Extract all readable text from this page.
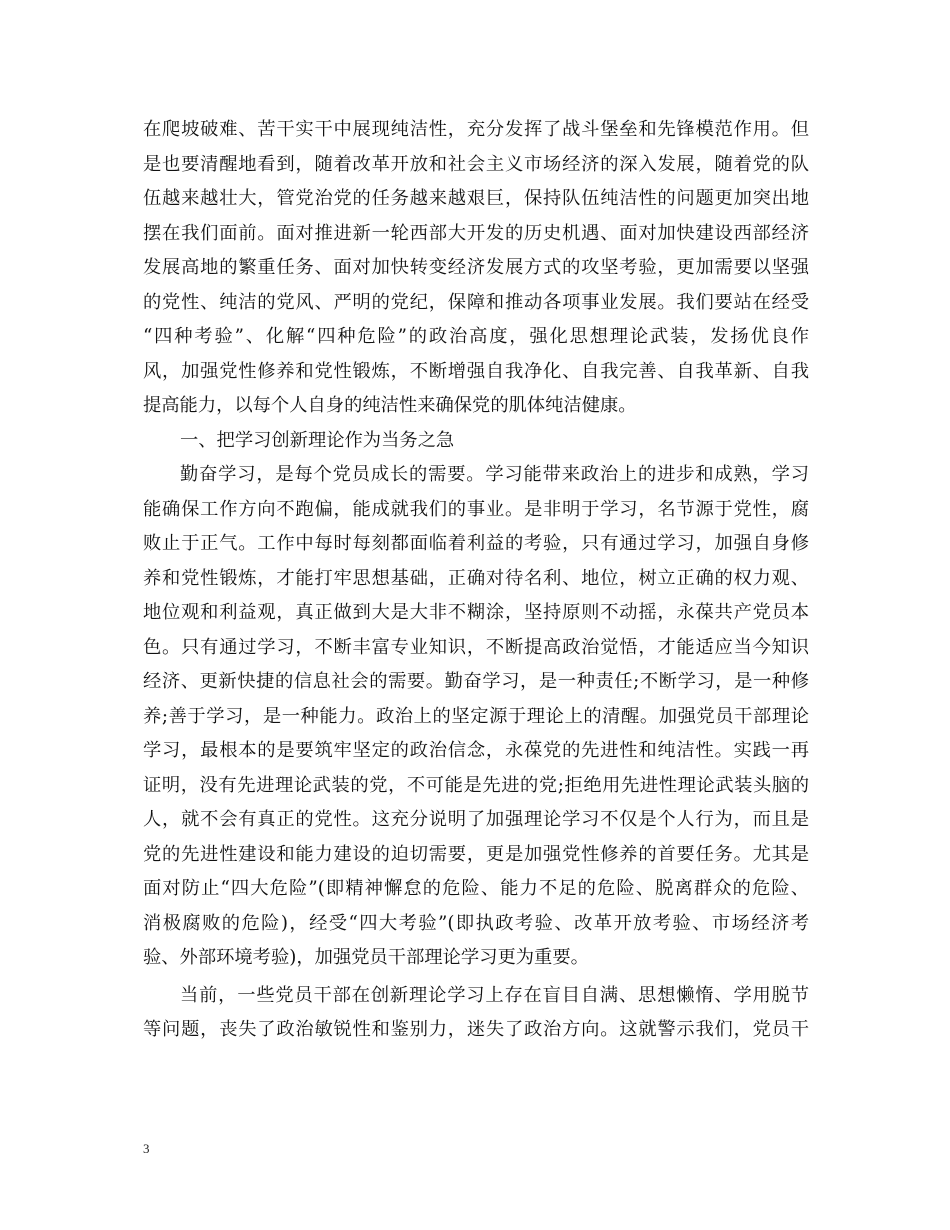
在爬坡破难、苦干实干中展现纯洁性，充分发挥了战斗堡垒和先锋模范作用。但
是也要清醒地看到，随着改革开放和社会主义市场经济的深入发展，随着党的队
伍越来越壮大，管党治党的任务越来越艰巨，保持队伍纯洁性的问题更加突出地
摆在我们面前。面对推进新一轮西部大开发的历史机遇、面对加快建设西部经济
发展高地的繁重任务、面对加快转变经济发展方式的攻坚考验，更加需要以坚强
的党性、纯洁的党风、严明的党纪，保障和推动各项事业发展。我们要站在经受
“四种考验”、化解“四种危险”的政治高度，强化思想理论武装，发扬优良作
风，加强党性修养和党性锻炼，不断增强自我净化、自我完善、自我革新、自我
提高能力，以每个人自身的纯洁性来确保党的肌体纯洁健康。
一、把学习创新理论作为当务之急
勤奋学习，是每个党员成长的需要。学习能带来政治上的进步和成熟，学习
能确保工作方向不跑偏，能成就我们的事业。是非明于学习，名节源于党性，腐
败止于正气。工作中每时每刻都面临着利益的考验，只有通过学习，加强自身修
养和党性锻炼，才能打牢思想基础，正确对待名利、地位，树立正确的权力观、
地位观和利益观，真正做到大是大非不糊涂，坚持原则不动摇，永葆共产党员本
色。只有通过学习，不断丰富专业知识，不断提高政治觉悟，才能适应当今知识
经济、更新快捷的信息社会的需要。勤奋学习，是一种责任;不断学习，是一种修
养;善于学习，是一种能力。政治上的坚定源于理论上的清醒。加强党员干部理论
学习，最根本的是要筑牢坚定的政治信念，永葆党的先进性和纯洁性。实践一再
证明，没有先进理论武装的党，不可能是先进的党;拒绝用先进性理论武装头脑的
人，就不会有真正的党性。这充分说明了加强理论学习不仅是个人行为，而且是
党的先进性建设和能力建设的迫切需要，更是加强党性修养的首要任务。尤其是
面对防止“四大危险”(即精神懈怠的危险、能力不足的危险、脱离群众的危险、
消极腐败的危险)，经受“四大考验”(即执政考验、改革开放考验、市场经济考
验、外部环境考验)，加强党员干部理论学习更为重要。
当前，一些党员干部在创新理论学习上存在盲目自满、思想懒惰、学用脱节
等问题，丧失了政治敏锐性和鉴别力，迷失了政治方向。这就警示我们，党员干
3
